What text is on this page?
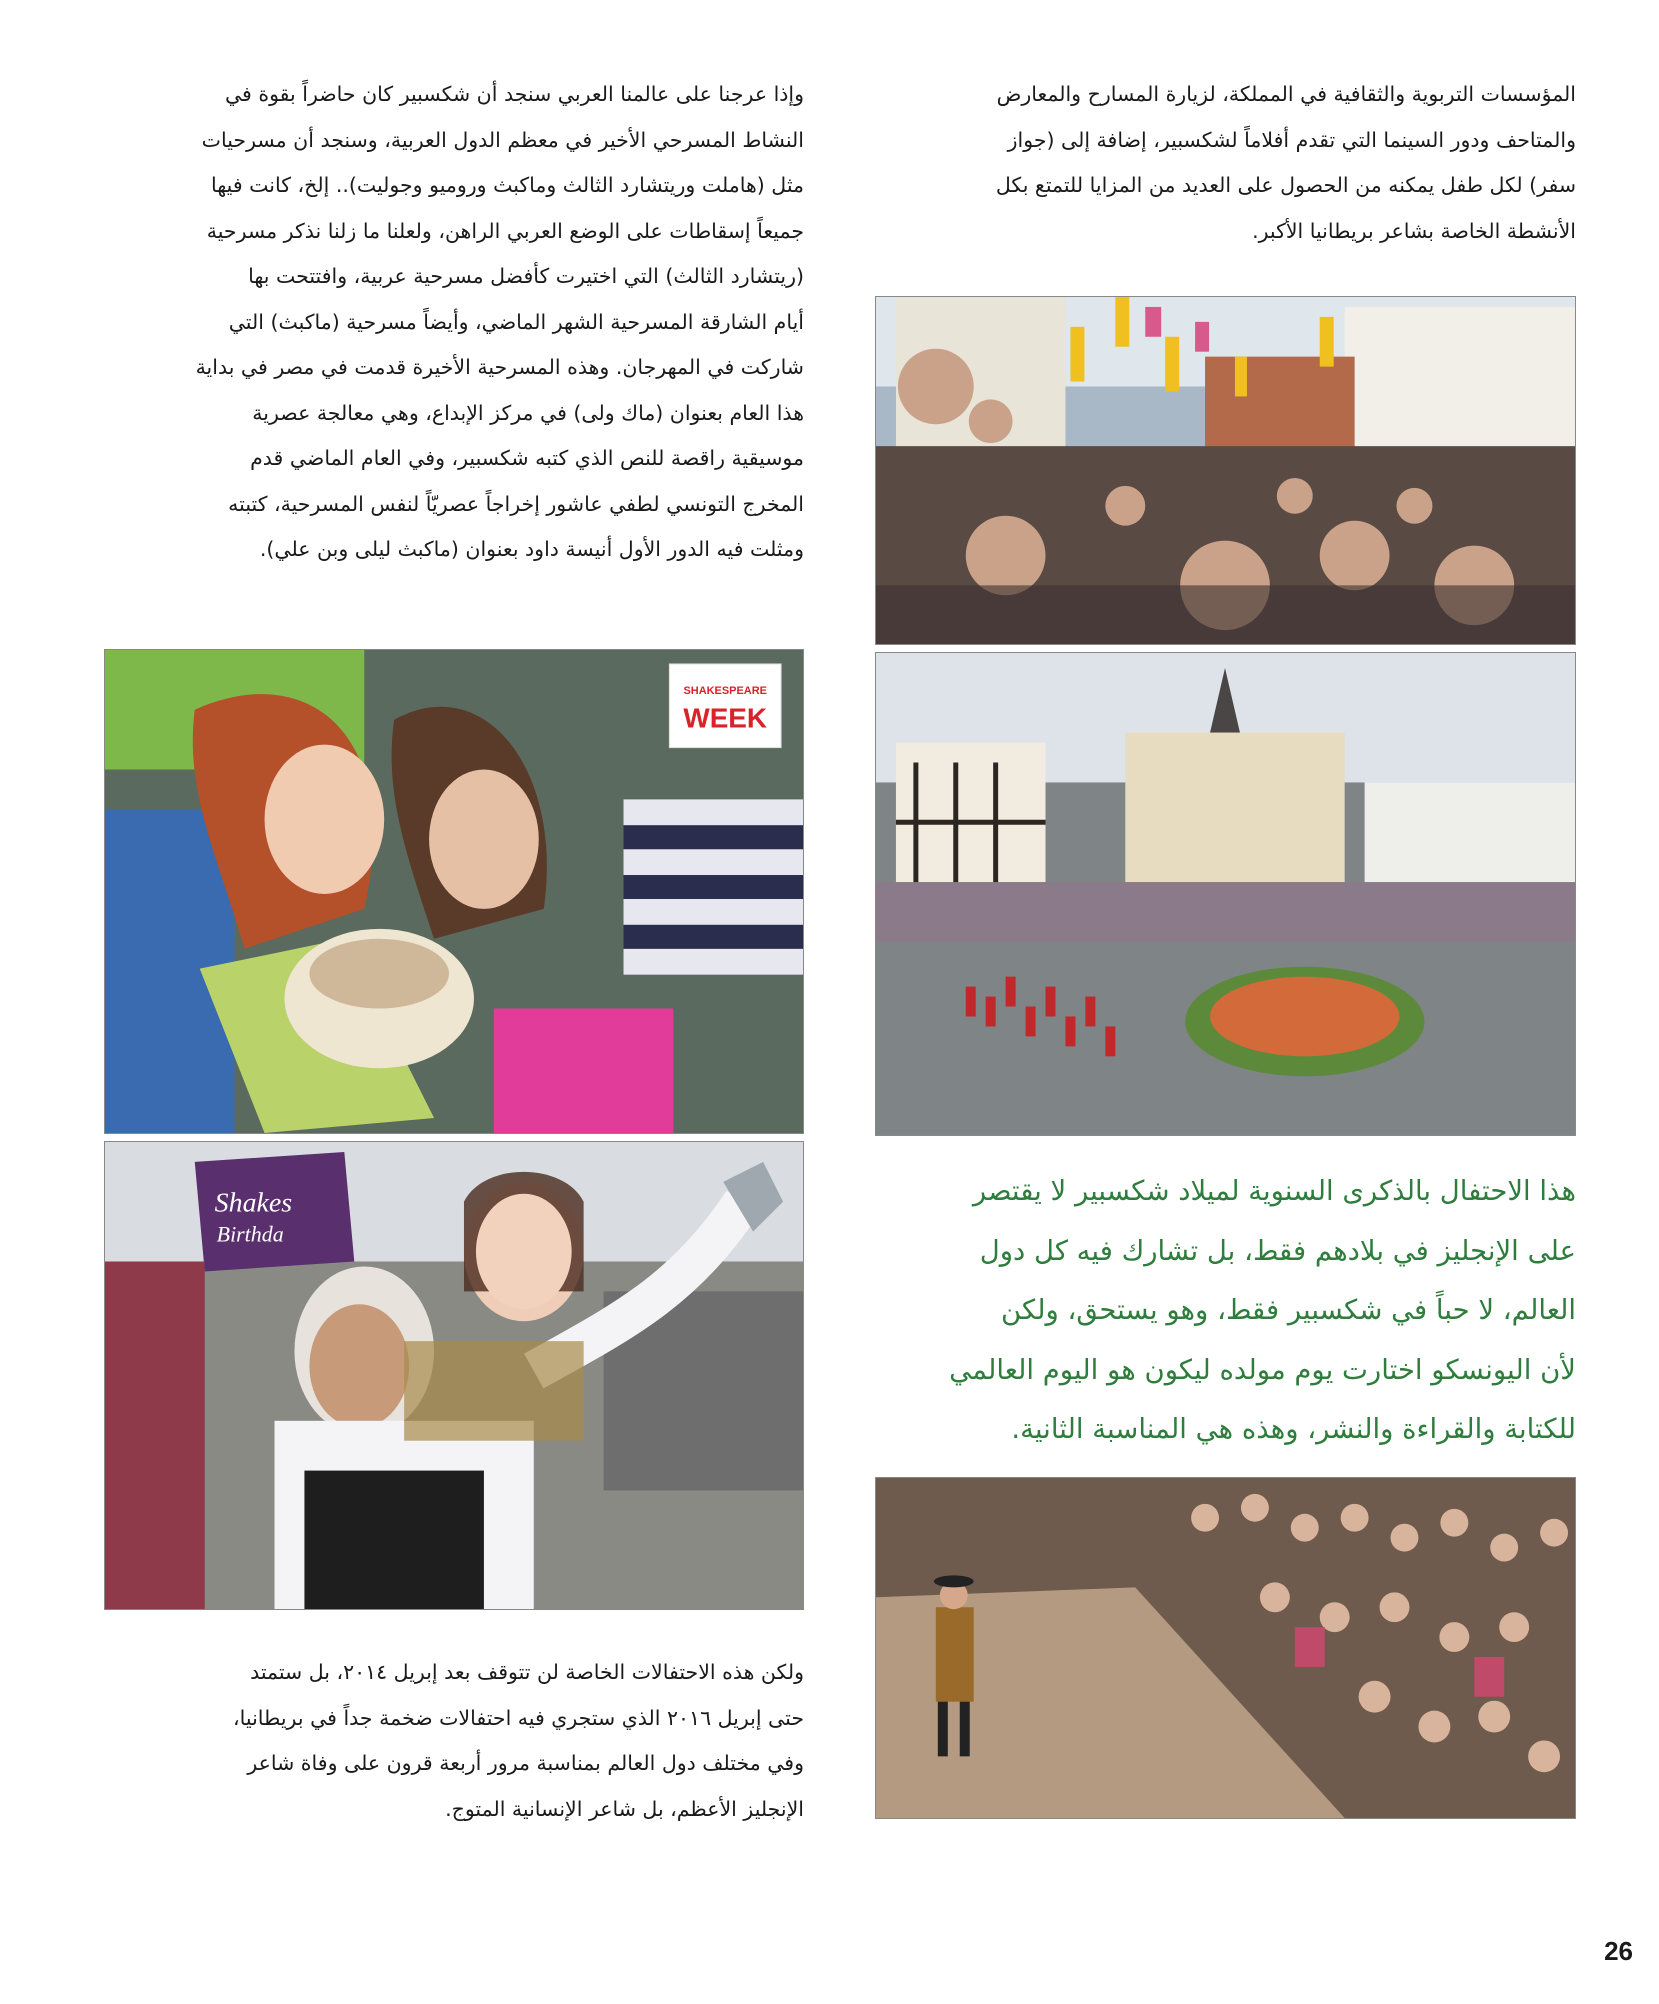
المؤسسات التربوية والثقافية في المملكة، لزيارة المسارح والمعارض
والمتاحف ودور السينما التي تقدم أفلاماً لشكسبير، إضافة إلى (جواز
سفر) لكل طفل يمكنه من الحصول على العديد من المزايا للتمتع بكل
الأنشطة الخاصة بشاعر بريطانيا الأكبر.

وإذا عرجنا على عالمنا العربي سنجد أن شكسبير كان حاضراً بقوة في
النشاط المسرحي الأخير في معظم الدول العربية، وسنجد أن مسرحيات
مثل (هاملت وريتشارد الثالث وماكبث وروميو وجوليت).. إلخ، كانت فيها
جميعاً إسقاطات على الوضع العربي الراهن، ولعلنا ما زلنا نذكر مسرحية
(ريتشارد الثالث) التي اختيرت كأفضل مسرحية عربية، وافتتحت بها
أيام الشارقة المسرحية الشهر الماضي، وأيضاً مسرحية (ماكبث) التي
شاركت في المهرجان. وهذه المسرحية الأخيرة قدمت في مصر في بداية
هذا العام بعنوان (ماك ولى) في مركز الإبداع، وهي معالجة عصرية
موسيقية راقصة للنص الذي كتبه شكسبير، وفي العام الماضي قدم
المخرج التونسي لطفي عاشور إخراجاً عصريّاً لنفس المسرحية، كتبته
ومثلت فيه الدور الأول أنيسة داود بعنوان (ماكبث ليلى وبن علي).

هذا الاحتفال بالذكرى السنوية لميلاد شكسبير لا يقتصر
على الإنجليز في بلادهم فقط، بل تشارك فيه كل دول
العالم، لا حباً في شكسبير فقط، وهو يستحق، ولكن
لأن اليونسكو اختارت يوم مولده ليكون هو اليوم العالمي
للكتابة والقراءة والنشر، وهذه هي المناسبة الثانية.

SHAKESPEARE
WEEK
Shakes
Birthda

ولكن هذه الاحتفالات الخاصة لن تتوقف بعد إبريل ٢٠١٤، بل ستمتد
حتى إبريل ٢٠١٦ الذي ستجري فيه احتفالات ضخمة جداً في بريطانيا،
وفي مختلف دول العالم بمناسبة مرور أربعة قرون على وفاة شاعر
الإنجليز الأعظم، بل شاعر الإنسانية المتوج.

26
